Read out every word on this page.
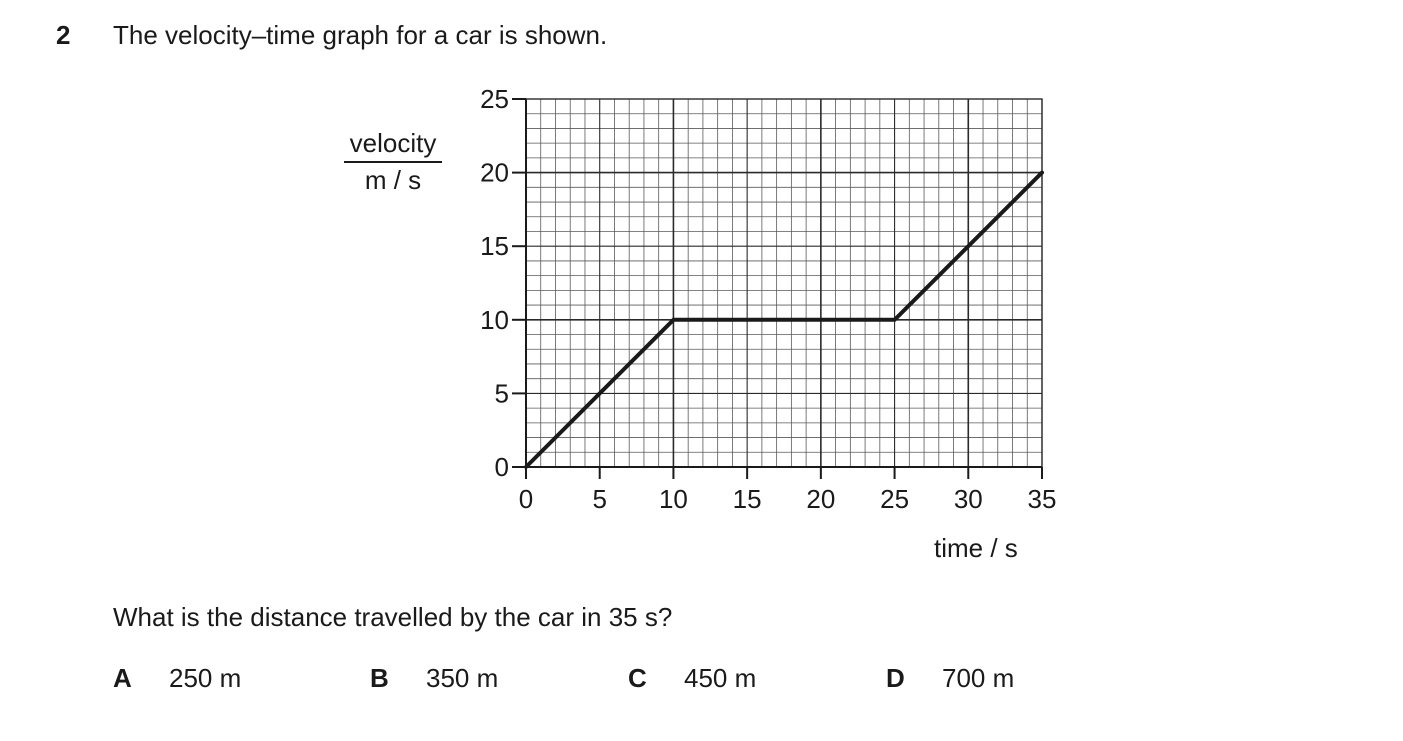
2 The velocity–time graph for a car is shown.
velocity
m / s
0
5
10
15
20
25
0 5 10 15 20 25 30 35
time / s
What is the distance travelled by the car in 35 s?
A 250 m	B 350 m	C 450 m	D 700 m
